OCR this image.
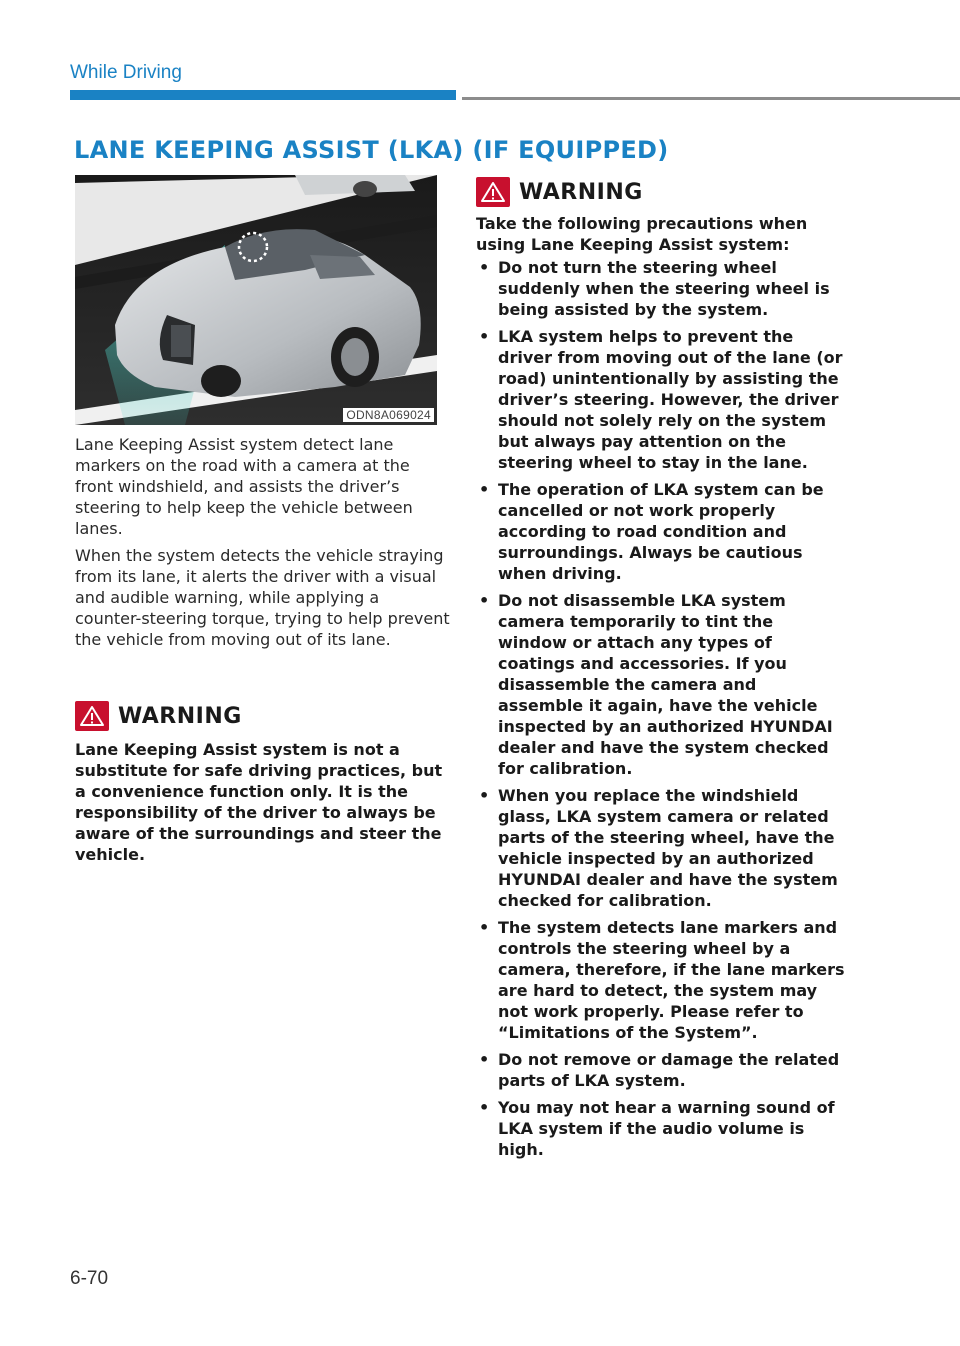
While Driving
LANE KEEPING ASSIST (LKA) (IF EQUIPPED)
ODN8A069024

Lane Keeping Assist system detect lane markers on the road with a camera at the front windshield, and assists the driver’s steering to help keep the vehicle between lanes.

When the system detects the vehicle straying from its lane, it alerts the driver with a visual and audible warning, while applying a counter-steering torque, trying to help prevent the vehicle from moving out of its lane.

WARNING

Lane Keeping Assist system is not a substitute for safe driving practices, but a convenience function only. It is the responsibility of the driver to always be aware of the surroundings and steer the vehicle.

WARNING

Take the following precautions when using Lane Keeping Assist system:

• Do not turn the steering wheel suddenly when the steering wheel is being assisted by the system.
• LKA system helps to prevent the driver from moving out of the lane (or road) unintentionally by assisting the driver’s steering. However, the driver should not solely rely on the system but always pay attention on the steering wheel to stay in the lane.
• The operation of LKA system can be cancelled or not work properly according to road condition and surroundings. Always be cautious when driving.
• Do not disassemble LKA system camera temporarily to tint the window or attach any types of coatings and accessories. If you disassemble the camera and assemble it again, have the vehicle inspected by an authorized HYUNDAI dealer and have the system checked for calibration.
• When you replace the windshield glass, LKA system camera or related parts of the steering wheel, have the vehicle inspected by an authorized HYUNDAI dealer and have the system checked for calibration.
• The system detects lane markers and controls the steering wheel by a camera, therefore, if the lane markers are hard to detect, the system may not work properly. Please refer to “Limitations of the System”.
• Do not remove or damage the related parts of LKA system.
• You may not hear a warning sound of LKA system if the audio volume is high.
6-70
